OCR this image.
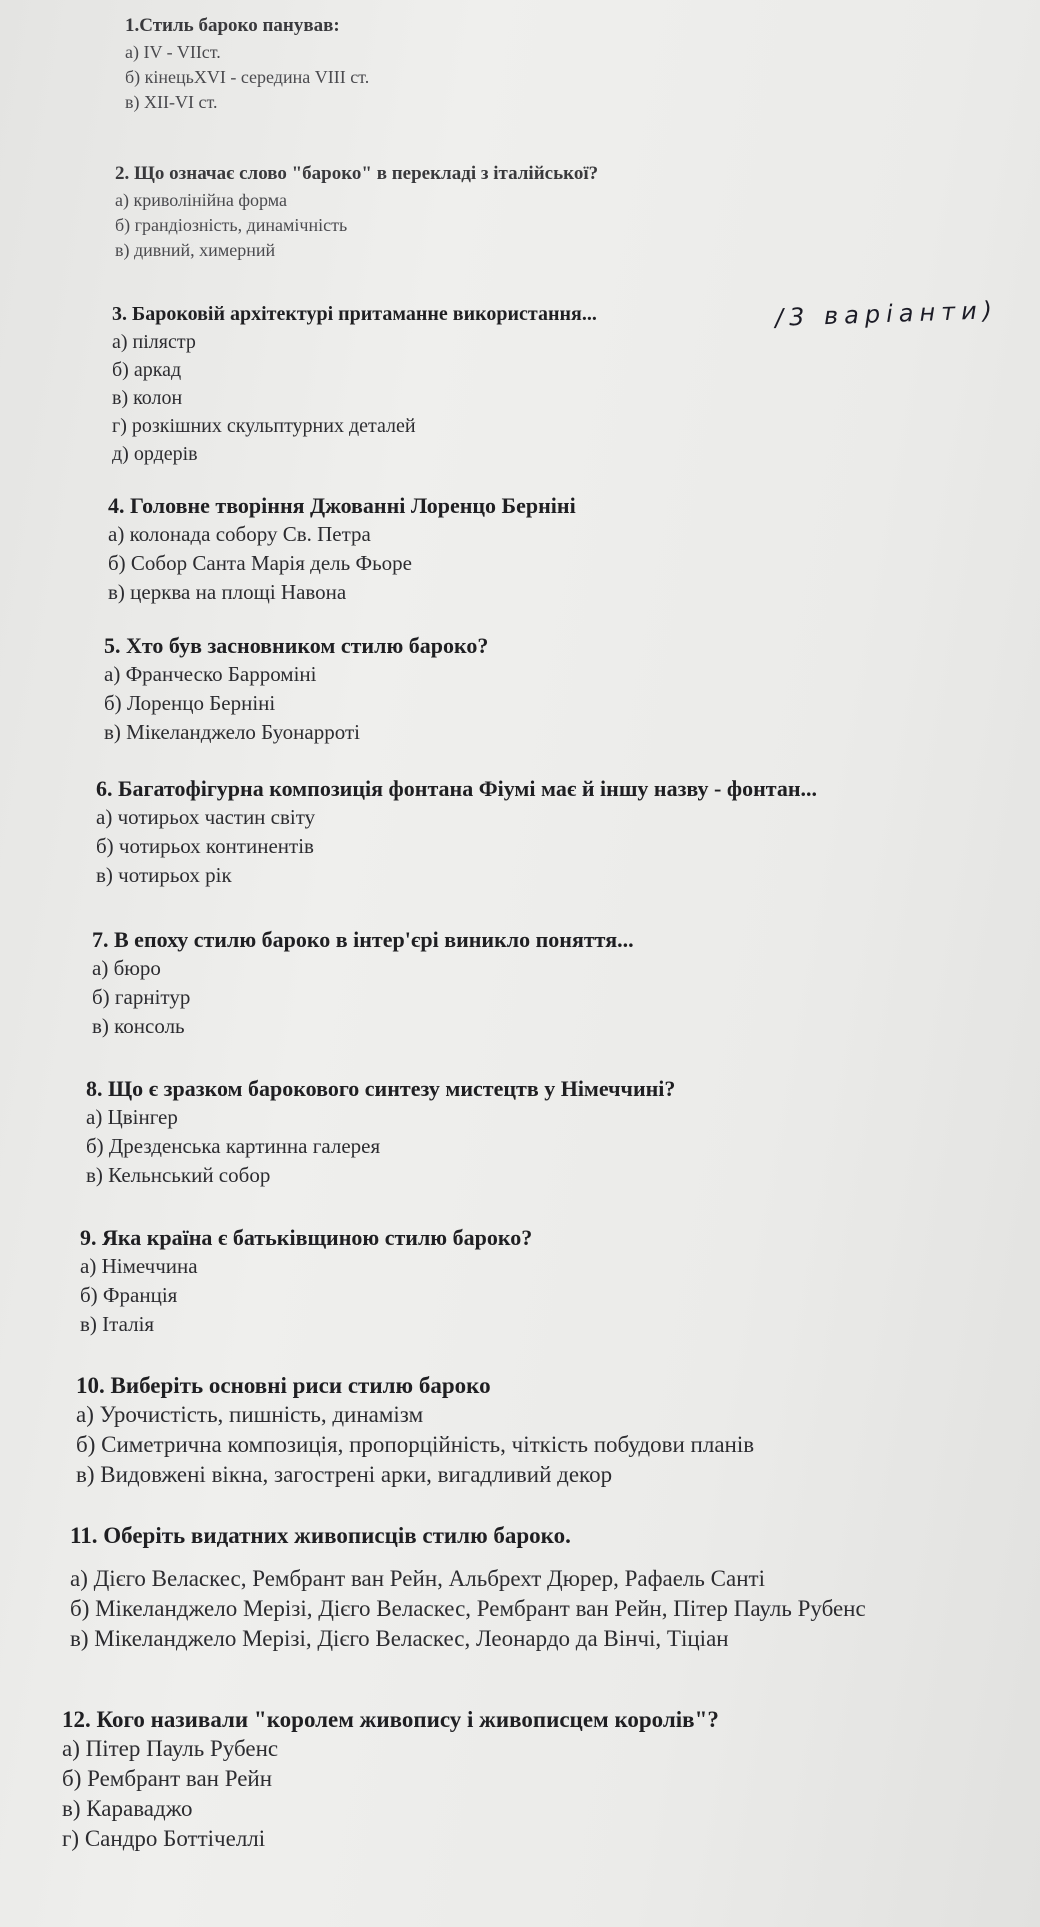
1.Стиль бароко панував:

а) IV - VIIст.

б) кінецьXVI - середина VIII ст.

в) XII-VI ст.

2. Що означає слово "бароко" в перекладі з італійської?

а) криволінійна форма

б) грандіозність, динамічність

в) дивний, химерний

3. Бароковій архітектурі притаманне використання...

а) пілястр

б) аркад

в) колон

г) розкішних скульптурних деталей

д) ордерів

/3 варіанти)

4. Головне творіння Джованні Лоренцо Берніні

а) колонада собору Св. Петра

б) Собор Санта Марія дель Фьоре

в) церква на площі Навона

5. Хто був засновником стилю бароко?

а) Франческо Барроміні

б) Лоренцо Берніні

в) Мікеланджело Буонарроті

6. Багатофігурна композиція фонтана Фіумі має й іншу назву - фонтан...

а) чотирьох частин світу

б) чотирьох континентів

в) чотирьох рік

7. В епоху стилю бароко в інтер'єрі виникло поняття...

а) бюро

б) гарнітур

в) консоль

8. Що є зразком барокового синтезу мистецтв у Німеччині?

а) Цвінгер

б) Дрезденська картинна галерея

в) Кельнський собор

9. Яка країна є батьківщиною стилю бароко?

а) Німеччина

б) Франція

в) Італія

10. Виберіть основні риси стилю бароко

а) Урочистість, пишність, динамізм

б) Симетрична композиція, пропорційність, чіткість побудови планів

в) Видовжені вікна, загострені арки, вигадливий декор

11. Оберіть видатних живописців стилю бароко.

а) Дієго Веласкес, Рембрант ван Рейн, Альбрехт Дюрер, Рафаель Санті

б) Мікеланджело Мерізі, Дієго Веласкес, Рембрант ван Рейн, Пітер Пауль Рубенс

в) Мікеланджело Мерізі, Дієго Веласкес, Леонардо да Вінчі, Тіціан

12. Кого називали "королем живопису і живописцем королів"?

а) Пітер Пауль Рубенс

б) Рембрант ван Рейн

в) Караваджо

г) Сандро Боттічеллі
